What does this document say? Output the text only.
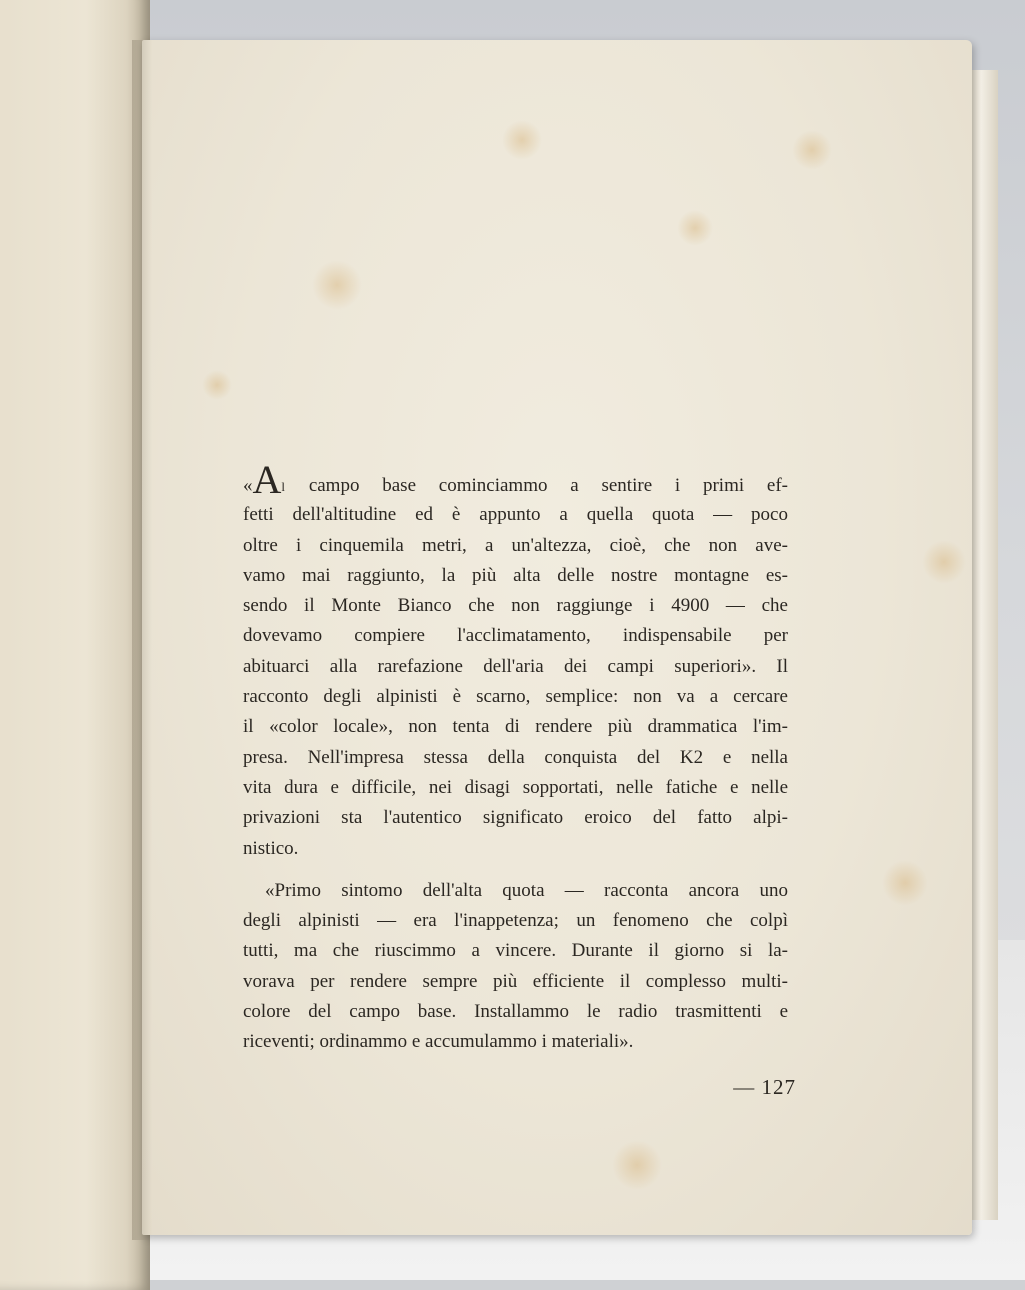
«Al campo base cominciammo a sentire i primi ef-
fetti dell'altitudine ed è appunto a quella quota — poco
oltre i cinquemila metri, a un'altezza, cioè, che non ave-
vamo mai raggiunto, la più alta delle nostre montagne es-
sendo il Monte Bianco che non raggiunge i 4900 — che
dovevamo compiere l'acclimatamento, indispensabile per
abituarci alla rarefazione dell'aria dei campi superiori». Il
racconto degli alpinisti è scarno, semplice: non va a cercare
il «color locale», non tenta di rendere più drammatica l'im-
presa. Nell'impresa stessa della conquista del K2 e nella
vita dura e difficile, nei disagi sopportati, nelle fatiche e nelle
privazioni sta l'autentico significato eroico del fatto alpi-
nistico.
«Primo sintomo dell'alta quota — racconta ancora uno
degli alpinisti — era l'inappetenza; un fenomeno che colpì
tutti, ma che riuscimmo a vincere. Durante il giorno si la-
vorava per rendere sempre più efficiente il complesso multi-
colore del campo base. Installammo le radio trasmittenti e
riceventi; ordinammo e accumulammo i materiali».
— 127
